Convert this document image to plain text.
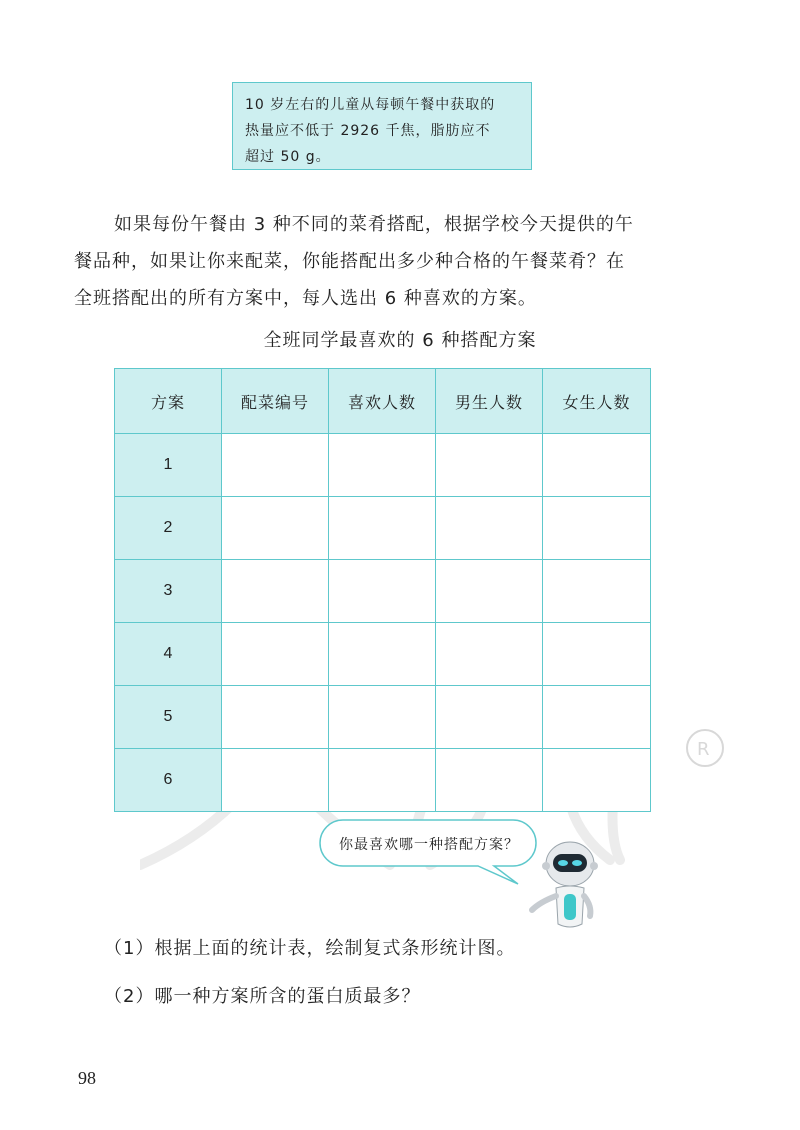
10 岁左右的儿童从每顿午餐中获取的

热量应不低于 2926 千焦，脂肪应不

超过 50 g。

如果每份午餐由 3 种不同的菜肴搭配，根据学校今天提供的午

餐品种，如果让你来配菜，你能搭配出多少种合格的午餐菜肴？在

全班搭配出的所有方案中，每人选出 6 种喜欢的方案。

全班同学最喜欢的 6 种搭配方案
R
方案	配菜编号	喜欢人数	男生人数	女生人数
1				
2				
3				
4				
5				
6				
你最喜欢哪一种搭配方案？
（1）根据上面的统计表，绘制复式条形统计图。
（2）哪一种方案所含的蛋白质最多？
98
